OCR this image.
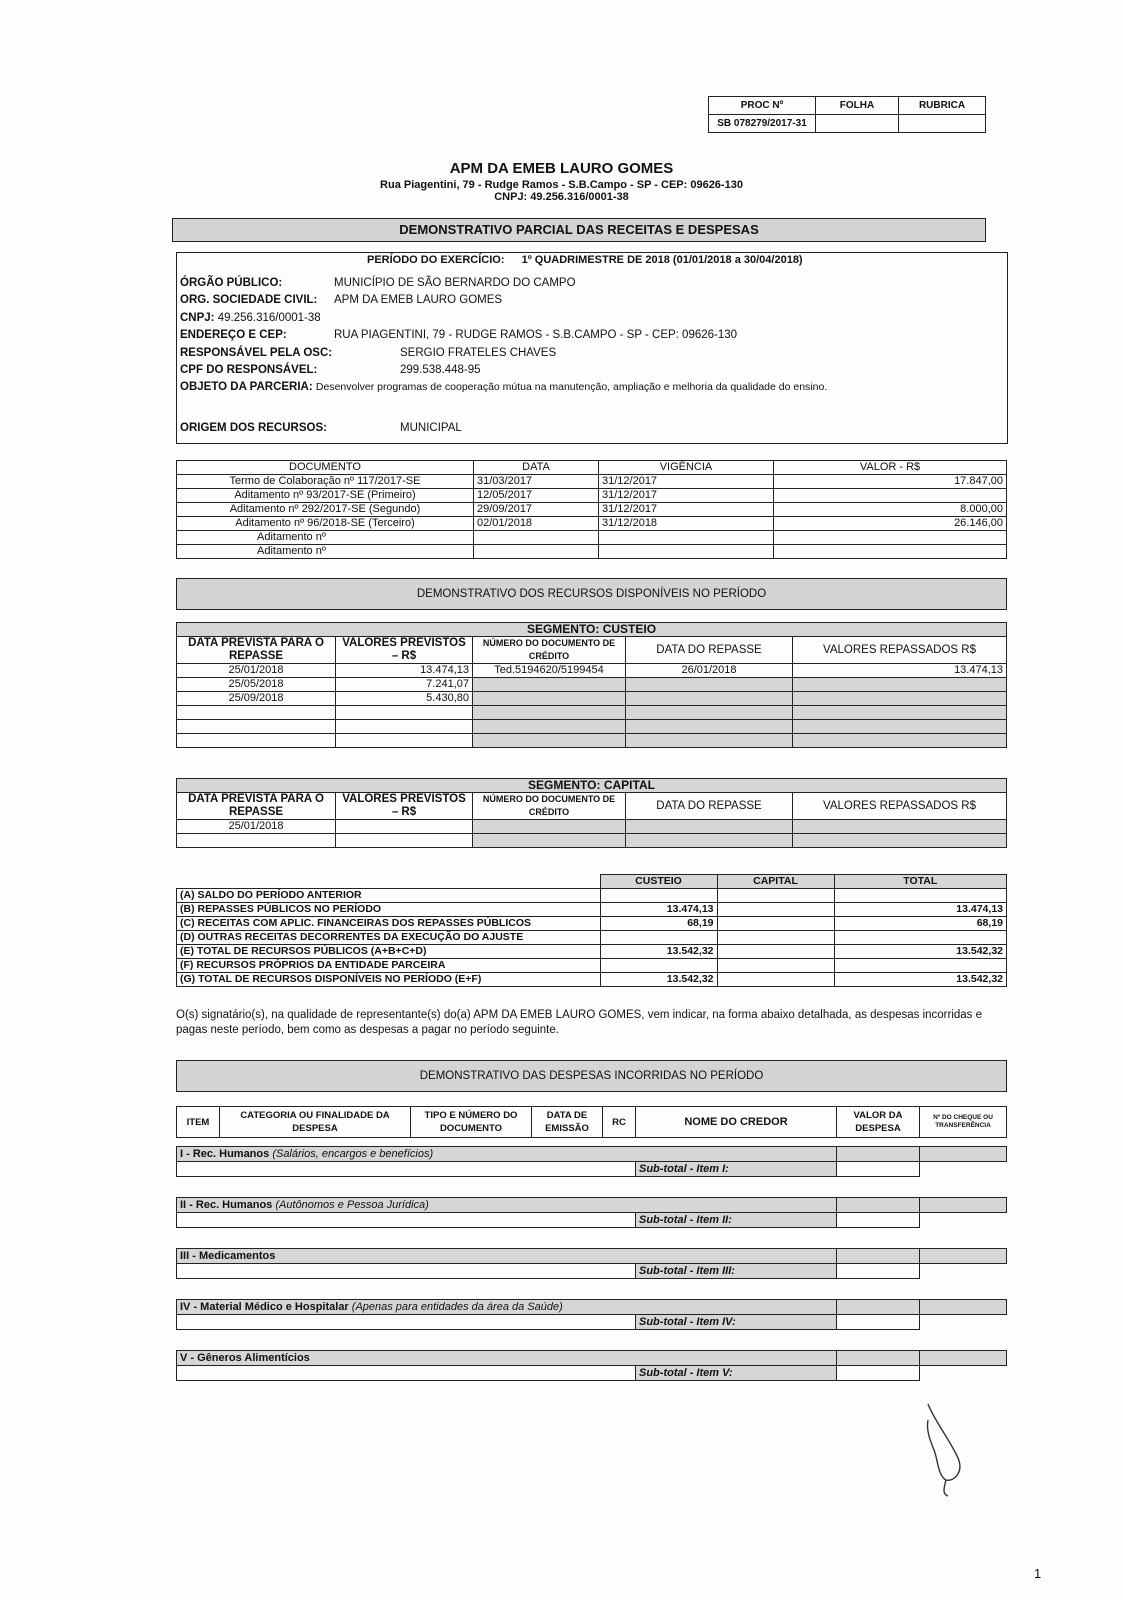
PROC Nº	FOLHA	RUBRICA
SB 078279/2017-31		
APM DA EMEB LAURO GOMES
Rua Piagentini, 79 - Rudge Ramos - S.B.Campo - SP - CEP: 09626-130
CNPJ: 49.256.316/0001-38
DEMONSTRATIVO PARCIAL DAS RECEITAS E DESPESAS
PERÍODO DO EXERCÍCIO: 1º QUADRIMESTRE DE 2018 (01/01/2018 a 30/04/2018)
ÓRGÃO PÚBLICO:	MUNICÍPIO DE SÃO BERNARDO DO CAMPO
ORG. SOCIEDADE CIVIL: APM DA EMEB LAURO GOMES
CNPJ: 49.256.316/0001-38
ENDEREÇO E CEP:	RUA PIAGENTINI, 79 - RUDGE RAMOS - S.B.CAMPO - SP - CEP: 09626-130
RESPONSÁVEL PELA OSC:	SERGIO FRATELES CHAVES
CPF DO RESPONSÁVEL:	299.538.448-95
OBJETO DA PARCERIA: Desenvolver programas de cooperação mútua na manutenção, ampliação e melhoria da qualidade do ensino.
ORIGEM DOS RECURSOS:	MUNICIPAL
DOCUMENTO	DATA	VIGÊNCIA	VALOR - R$
Termo de Colaboração nº 117/2017-SE	31/03/2017	31/12/2017	17.847,00
Aditamento nº 93/2017-SE (Primeiro)	12/05/2017	31/12/2017	
Aditamento nº 292/2017-SE (Segundo)	29/09/2017	31/12/2017	8.000,00
Aditamento nº 96/2018-SE (Terceiro)	02/01/2018	31/12/2018	26.146,00
Aditamento nº			
Aditamento nº			
DEMONSTRATIVO DOS RECURSOS DISPONÍVEIS NO PERÍODO
SEGMENTO: CUSTEIO				
DATA PREVISTA PARA O REPASSE	VALORES PREVISTOS – R$	NÚMERO DO DOCUMENTO DE CRÉDITO	DATA DO REPASSE	VALORES REPASSADOS R$
25/01/2018	13.474,13	Ted.5194620/5199454	26/01/2018	13.474,13
25/05/2018	7.241,07			
25/09/2018	5.430,80			

SEGMENTO: CAPITAL				
DATA PREVISTA PARA O REPASSE	VALORES PREVISTOS – R$	NÚMERO DO DOCUMENTO DE CRÉDITO	DATA DO REPASSE	VALORES REPASSADOS R$
25/01/2018				

	CUSTEIO	CAPITAL	TOTAL
(A) SALDO DO PERÍODO ANTERIOR			
(B) REPASSES PÚBLICOS NO PERÍODO	13.474,13		13.474,13
(C) RECEITAS COM APLIC. FINANCEIRAS DOS REPASSES PÚBLICOS	68,19		68,19
(D) OUTRAS RECEITAS DECORRENTES DA EXECUÇÃO DO AJUSTE			
(E) TOTAL DE RECURSOS PÚBLICOS (A+B+C+D)	13.542,32		13.542,32
(F) RECURSOS PRÓPRIOS DA ENTIDADE PARCEIRA			
(G) TOTAL DE RECURSOS DISPONÍVEIS NO PERÍODO (E+F)	13.542,32		13.542,32
O(s) signatário(s), na qualidade de representante(s) do(a) APM DA EMEB LAURO GOMES, vem indicar, na forma abaixo detalhada, as despesas incorridas e pagas neste período, bem como as despesas a pagar no período seguinte.
DEMONSTRATIVO DAS DESPESAS INCORRIDAS NO PERÍODO
ITEM	CATEGORIA OU FINALIDADE DA DESPESA	TIPO E NÚMERO DO DOCUMENTO	DATA DE EMISSÃO	RC	NOME DO CREDOR	VALOR DA DESPESA	Nº DO CHEQUE OU TRANSFERÊNCIA

I - Rec. Humanos (Salários, encargos e benefícios)							
					Sub-total - Item I:		

II - Rec. Humanos (Autônomos e Pessoa Jurídica)							
					Sub-total - Item II:		

III - Medicamentos							
					Sub-total - Item III:		

IV - Material Médico e Hospitalar (Apenas para entidades da área da Saúde)							
					Sub-total - Item IV:		

V - Gêneros Alimentícios							
					Sub-total - Item V:		
1
